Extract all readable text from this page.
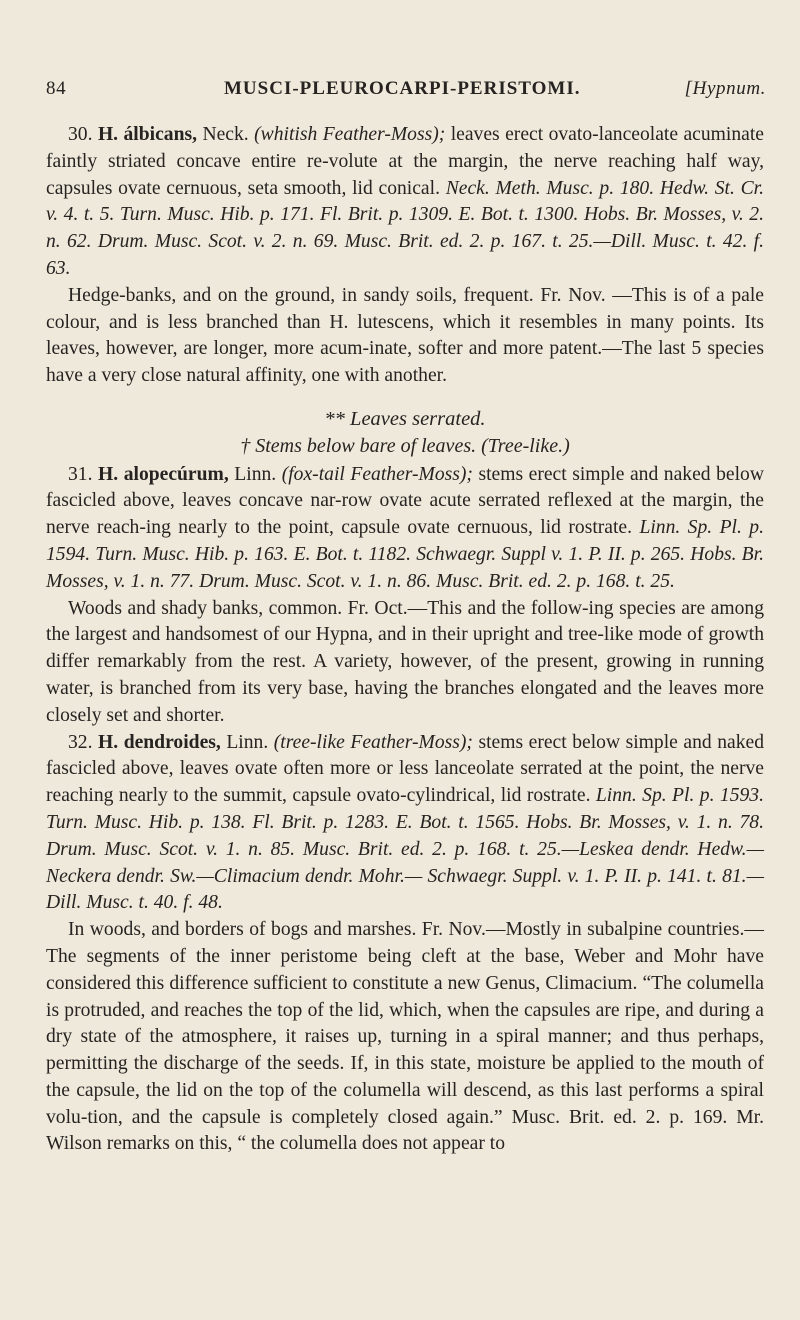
84	MUSCI-PLEUROCARPI-PERISTOMI.	[Hypnum.

30. H. álbicans, Neck. (whitish Feather-Moss); leaves erect ovato-lanceolate acuminate faintly striated concave entire re-volute at the margin, the nerve reaching half way, capsules ovate cernuous, seta smooth, lid conical. Neck. Meth. Musc. p. 180. Hedw. St. Cr. v. 4. t. 5. Turn. Musc. Hib. p. 171. Fl. Brit. p. 1309. E. Bot. t. 1300. Hobs. Br. Mosses, v. 2. n. 62. Drum. Musc. Scot. v. 2. n. 69. Musc. Brit. ed. 2. p. 167. t. 25.—Dill. Musc. t. 42. f. 63.

Hedge-banks, and on the ground, in sandy soils, frequent. Fr. Nov. —This is of a pale colour, and is less branched than H. lutescens, which it resembles in many points. Its leaves, however, are longer, more acum-inate, softer and more patent.—The last 5 species have a very close natural affinity, one with another.

** Leaves serrated.

† Stems below bare of leaves. (Tree-like.)

31. H. alopecúrum, Linn. (fox-tail Feather-Moss); stems erect simple and naked below fascicled above, leaves concave nar-row ovate acute serrated reflexed at the margin, the nerve reach-ing nearly to the point, capsule ovate cernuous, lid rostrate. Linn. Sp. Pl. p. 1594. Turn. Musc. Hib. p. 163. E. Bot. t. 1182. Schwaegr. Suppl v. 1. P. II. p. 265. Hobs. Br. Mosses, v. 1. n. 77. Drum. Musc. Scot. v. 1. n. 86. Musc. Brit. ed. 2. p. 168. t. 25.

Woods and shady banks, common. Fr. Oct.—This and the follow-ing species are among the largest and handsomest of our Hypna, and in their upright and tree-like mode of growth differ remarkably from the rest. A variety, however, of the present, growing in running water, is branched from its very base, having the branches elongated and the leaves more closely set and shorter.

32. H. dendroides, Linn. (tree-like Feather-Moss); stems erect below simple and naked fascicled above, leaves ovate often more or less lanceolate serrated at the point, the nerve reaching nearly to the summit, capsule ovato-cylindrical, lid rostrate. Linn. Sp. Pl. p. 1593. Turn. Musc. Hib. p. 138. Fl. Brit. p. 1283. E. Bot. t. 1565. Hobs. Br. Mosses, v. 1. n. 78. Drum. Musc. Scot. v. 1. n. 85. Musc. Brit. ed. 2. p. 168. t. 25.—Leskea dendr. Hedw.—Neckera dendr. Sw.—Climacium dendr. Mohr.— Schwaegr. Suppl. v. 1. P. II. p. 141. t. 81.—Dill. Musc. t. 40. f. 48.

In woods, and borders of bogs and marshes. Fr. Nov.—Mostly in subalpine countries.—The segments of the inner peristome being cleft at the base, Weber and Mohr have considered this difference sufficient to constitute a new Genus, Climacium. “The columella is protruded, and reaches the top of the lid, which, when the capsules are ripe, and during a dry state of the atmosphere, it raises up, turning in a spiral manner; and thus perhaps, permitting the discharge of the seeds. If, in this state, moisture be applied to the mouth of the capsule, the lid on the top of the columella will descend, as this last performs a spiral volu-tion, and the capsule is completely closed again.” Musc. Brit. ed. 2. p. 169. Mr. Wilson remarks on this, “ the columella does not appear to
